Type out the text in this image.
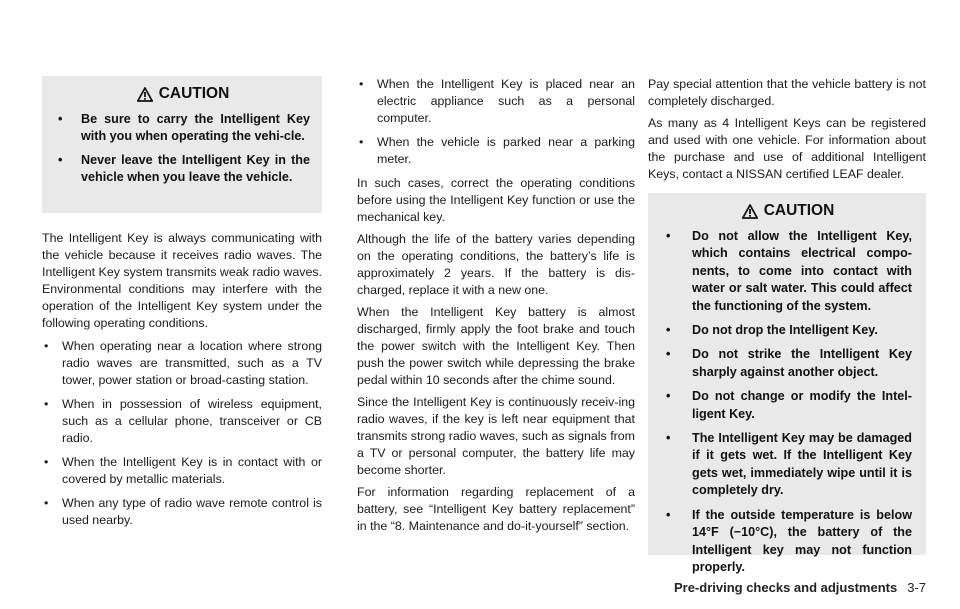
CAUTION
• Be sure to carry the Intelligent Key with you when operating the vehi-cle.
• Never leave the Intelligent Key in the vehicle when you leave the vehicle.

The Intelligent Key is always communicating with the vehicle because it receives radio waves. The Intelligent Key system transmits weak radio waves. Environmental conditions may interfere with the operation of the Intelligent Key system under the following operating conditions.

• When operating near a location where strong radio waves are transmitted, such as a TV tower, power station or broad-casting station.
• When in possession of wireless equipment, such as a cellular phone, transceiver or CB radio.
• When the Intelligent Key is in contact with or covered by metallic materials.
• When any type of radio wave remote control is used nearby.
• When the Intelligent Key is placed near an electric appliance such as a personal computer.
• When the vehicle is parked near a parking meter.

In such cases, correct the operating conditions before using the Intelligent Key function or use the mechanical key.

Although the life of the battery varies depending on the operating conditions, the battery’s life is approximately 2 years. If the battery is dis-charged, replace it with a new one.

When the Intelligent Key battery is almost discharged, firmly apply the foot brake and touch the power switch with the Intelligent Key. Then push the power switch while depressing the brake pedal within 10 seconds after the chime sound.

Since the Intelligent Key is continuously receiv-ing radio waves, if the key is left near equipment that transmits strong radio waves, such as signals from a TV or personal computer, the battery life may become shorter.

For information regarding replacement of a battery, see “Intelligent Key battery replacement” in the “8. Maintenance and do-it-yourself” section.

Pay special attention that the vehicle battery is not completely discharged.

As many as 4 Intelligent Keys can be registered and used with one vehicle. For information about the purchase and use of additional Intelligent Keys, contact a NISSAN certified LEAF dealer.

CAUTION
• Do not allow the Intelligent Key, which contains electrical compo-nents, to come into contact with water or salt water. This could affect the functioning of the system.
• Do not drop the Intelligent Key.
• Do not strike the Intelligent Key sharply against another object.
• Do not change or modify the Intel-ligent Key.
• The Intelligent Key may be damaged if it gets wet. If the Intelligent Key gets wet, immediately wipe until it is completely dry.
• If the outside temperature is below 14°F (−10°C), the battery of the Intelligent key may not function properly.
Pre-driving checks and adjustments 3-7
